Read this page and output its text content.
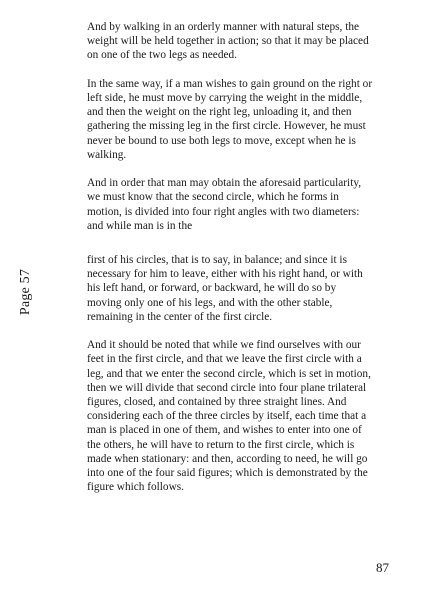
Page 57

And by walking in an orderly manner with natural steps, the weight will be held together in action; so that it may be placed on one of the two legs as needed.

In the same way, if a man wishes to gain ground on the right or left side, he must move by carrying the weight in the middle, and then the weight on the right leg, unloading it, and then gathering the missing leg in the first circle. However, he must never be bound to use both legs to move, except when he is walking.

And in order that man may obtain the aforesaid particularity, we must know that the second circle, which he forms in motion, is divided into four right angles with two diameters: and while man is in the

first of his circles, that is to say, in balance; and since it is necessary for him to leave, either with his right hand, or with his left hand, or forward, or backward, he will do so by moving only one of his legs, and with the other stable, remaining in the center of the first circle.

And it should be noted that while we find ourselves with our feet in the first circle, and that we leave the first circle with a leg, and that we enter the second circle, which is set in motion, then we will divide that second circle into four plane trilateral figures, closed, and contained by three straight lines. And considering each of the three circles by itself, each time that a man is placed in one of them, and wishes to enter into one of the others, he will have to return to the first circle, which is made when stationary: and then, according to need, he will go into one of the four said figures; which is demonstrated by the figure which follows.

87
